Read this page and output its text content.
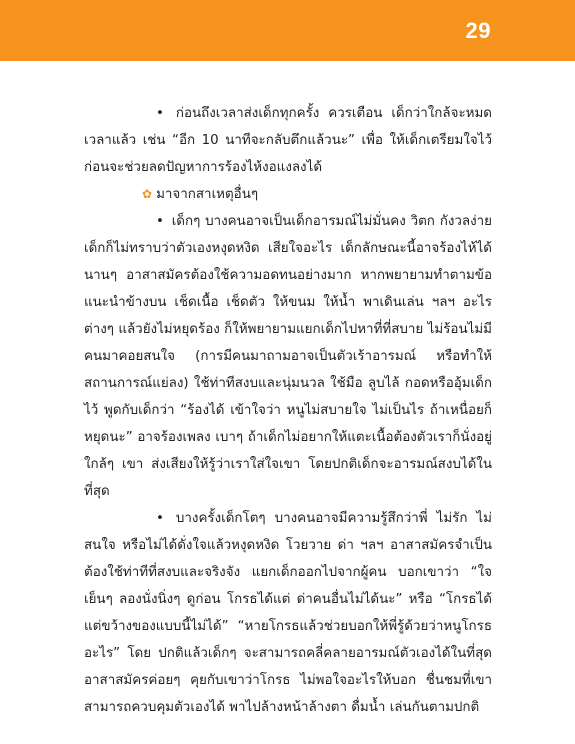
29

• ก่อนถึงเวลาส่งเด็กทุกครั้ง ควรเตือน เด็กว่าใกล้จะหมดเวลาแล้ว เช่น “อีก 10 นาทีจะกลับตึกแล้วนะ” เพื่อ ให้เด็กเตรียมใจไว้ก่อนจะช่วยลดปัญหาการร้องไห้งอแงลงได้

✿ มาจากสาเหตุอื่นๆ

• เด็กๆ บางคนอาจเป็นเด็กอารมณ์ไม่มั่นคง วิตก กังวลง่ายเด็กก็ไม่ทราบว่าตัวเองหงุดหงิด เสียใจอะไร เด็กลักษณะนี้อาจร้องไห้ได้นานๆ อาสาสมัครต้องใช้ความอดทนอย่างมาก หากพยายามทำตามข้อแนะนำข้างบน เช็ดเนื้อ เช็ดตัว ให้ขนม ให้น้ำ พาเดินเล่น ฯลฯ อะไรต่างๆ แล้วยังไม่หยุดร้อง ก็ให้พยายามแยกเด็กไปหาที่ที่สบาย ไม่ร้อนไม่มีคนมาคอยสนใจ (การมีคนมาถามอาจเป็นตัวเร้าอารมณ์ หรือทำให้สถานการณ์แย่ลง) ใช้ท่าทีสงบและนุ่มนวล ใช้มือ ลูบไล้ กอดหรืออุ้มเด็กไว้ พูดกับเด็กว่า “ร้องได้ เข้าใจว่า หนูไม่สบายใจ ไม่เป็นไร ถ้าเหนื่อยก็หยุดนะ” อาจร้องเพลง เบาๆ ถ้าเด็กไม่อยากให้แตะเนื้อต้องตัวเราก็นั่งอยู่ใกล้ๆ เขา ส่งเสียงให้รู้ว่าเราใส่ใจเขา โดยปกติเด็กจะอารมณ์สงบได้ในที่สุด

• บางครั้งเด็กโตๆ บางคนอาจมีความรู้สึกว่าพี่ ไม่รัก ไม่สนใจ หรือไม่ได้ดั่งใจแล้วหงุดหงิด โวยวาย ด่า ฯลฯ อาสาสมัครจำเป็นต้องใช้ท่าทีที่สงบและจริงจัง แยกเด็กออกไปจากผู้คน บอกเขาว่า “ใจเย็นๆ ลองนั่งนิ่งๆ ดูก่อน โกรธได้แต่ ด่าคนอื่นไม่ได้นะ” หรือ “โกรธได้แต่ขว้างของแบบนี้ไม่ได้” “หายโกรธแล้วช่วยบอกให้พี่รู้ด้วยว่าหนูโกรธอะไร” โดย ปกติแล้วเด็กๆ จะสามารถคลี่คลายอารมณ์ตัวเองได้ในที่สุด อาสาสมัครค่อยๆ คุยกับเขาว่าโกรธ ไม่พอใจอะไรให้บอก ชื่นชมที่เขาสามารถควบคุมตัวเองได้ พาไปล้างหน้าล้างตา ดื่มน้ำ เล่นกันตามปกติ
